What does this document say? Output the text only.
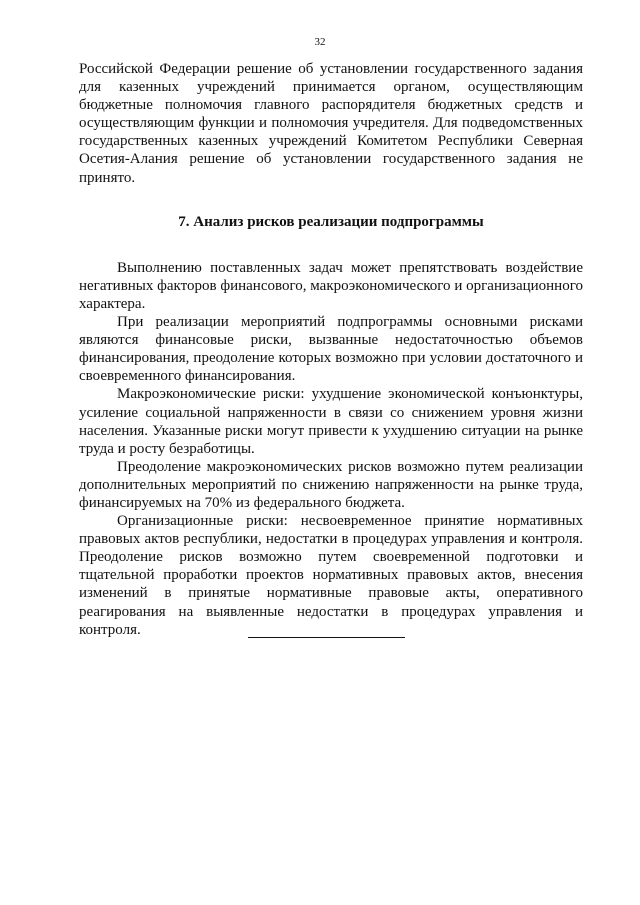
32

Российской Федерации решение об установлении государственного задания для казенных учреждений принимается органом, осуществляющим бюджетные полномочия главного распорядителя бюджетных средств и осуществляющим функции и полномочия учредителя. Для подведомственных государственных казенных учреждений Комитетом Республики Северная Осетия-Алания решение об установлении государственного задания не принято.

7. Анализ рисков реализации подпрограммы

Выполнению поставленных задач может препятствовать воздействие негативных факторов финансового, макроэкономического и организационного характера.

При реализации мероприятий подпрограммы основными рисками являются финансовые риски, вызванные недостаточностью объемов финансирования, преодоление которых возможно при условии достаточного и своевременного финансирования.

Макроэкономические риски: ухудшение экономической конъюнктуры, усиление социальной напряженности в связи со снижением уровня жизни населения. Указанные риски могут привести к ухудшению ситуации на рынке труда и росту безработицы.

Преодоление макроэкономических рисков возможно путем реализации дополнительных мероприятий по снижению напряженности на рынке труда, финансируемых на 70% из федерального бюджета.

Организационные риски: несвоевременное принятие нормативных правовых актов республики, недостатки в процедурах управления и контроля. Преодоление рисков возможно путем своевременной подготовки и тщательной проработки проектов нормативных правовых актов, внесения изменений в принятые нормативные правовые акты, оперативного реагирования на выявленные недостатки в процедурах управления и контроля.
